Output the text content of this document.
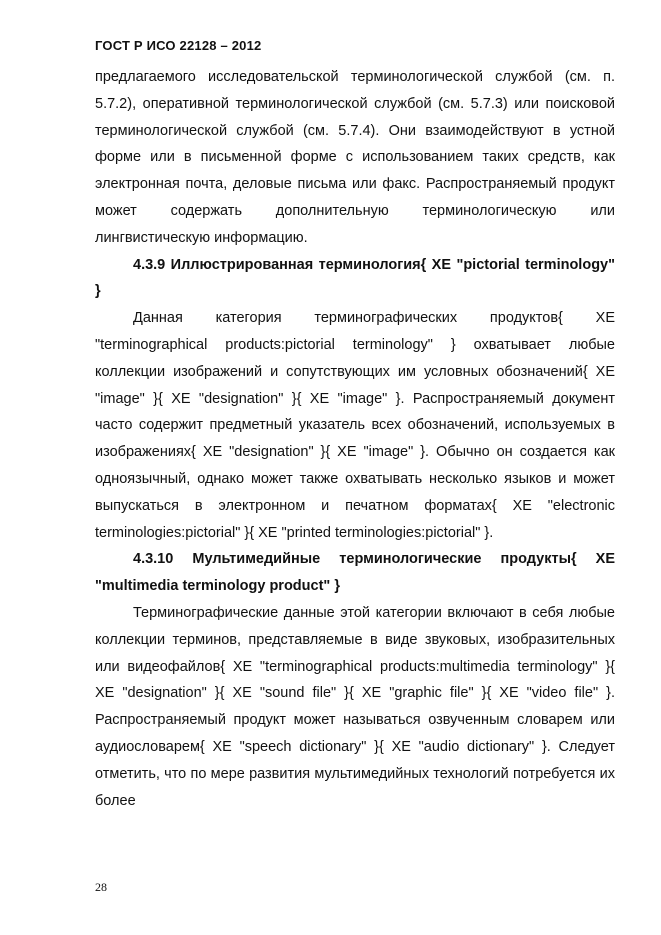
ГОСТ Р ИСО 22128 – 2012

предлагаемого исследовательской терминологической службой (см. п. 5.7.2), оперативной терминологической службой (см. 5.7.3) или поисковой терминологической службой (см. 5.7.4). Они взаимодействуют в устной форме или в письменной форме с использованием таких средств, как электронная почта, деловые письма или факс. Распространяемый продукт может содержать дополнительную терминологическую или лингвистическую информацию.

4.3.9 Иллюстрированная терминология{ XE "pictorial terminology" }

Данная категория терминографических продуктов{ XE "terminographical products:pictorial terminology" } охватывает любые коллекции изображений и сопутствующих им условных обозначений{ XE "image" }{ XE "designation" }{ XE "image" }. Распространяемый документ часто содержит предметный указатель всех обозначений, используемых в изображениях{ XE "designation" }{ XE "image" }. Обычно он создается как одноязычный, однако может также охватывать несколько языков и может выпускаться в электронном и печатном форматах{ XE "electronic terminologies:pictorial" }{ XE "printed terminologies:pictorial" }.

4.3.10 Мультимедийные терминологические продукты{ XE "multimedia terminology product" }

Терминографические данные этой категории включают в себя любые коллекции терминов, представляемые в виде звуковых, изобразительных или видеофайлов{ XE "terminographical products:multimedia terminology" }{ XE "designation" }{ XE "sound file" }{ XE "graphic file" }{ XE "video file" }. Распространяемый продукт может называться озвученным словарем или аудиословарем{ XE "speech dictionary" }{ XE "audio dictionary" }. Следует отметить, что по мере развития мультимедийных технологий потребуется их более

28
